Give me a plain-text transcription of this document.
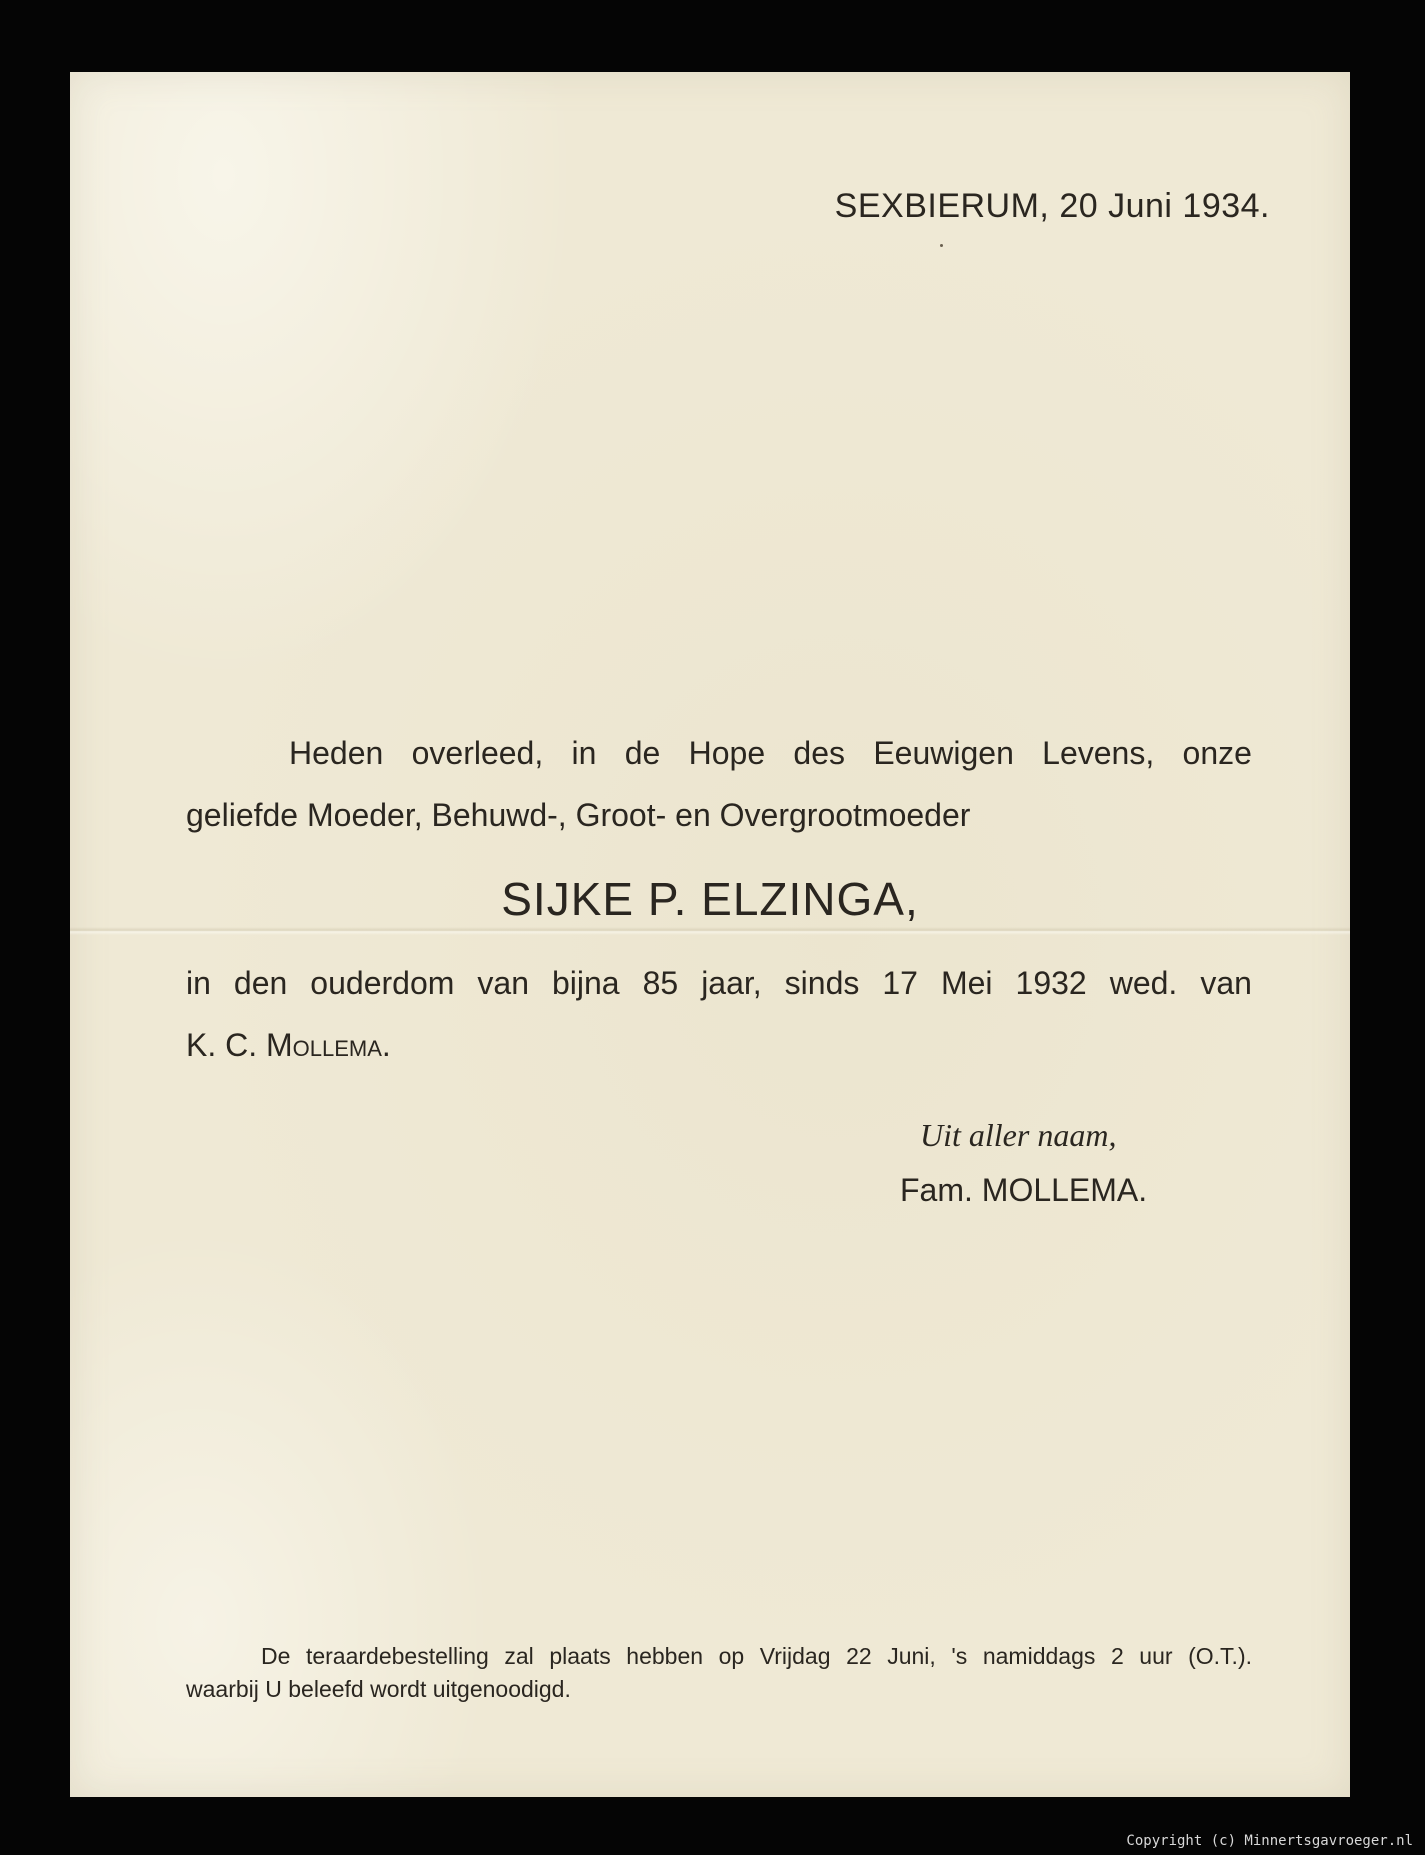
SEXBIERUM, 20 Juni 1934.

Heden overleed, in de Hope des Eeuwigen Levens, onze
geliefde Moeder, Behuwd-, Groot- en Overgrootmoeder

SIJKE P. ELZINGA,

in den ouderdom van bijna 85 jaar, sinds 17 Mei 1932 wed. van
K. C. Mollema.

Uit aller naam,

Fam. MOLLEMA.

De teraardebestelling zal plaats hebben op Vrijdag 22 Juni, 's namiddags 2 uur (O.T.).
waarbij U beleefd wordt uitgenoodigd.
Copyright (c) Minnertsgavroeger.nl
